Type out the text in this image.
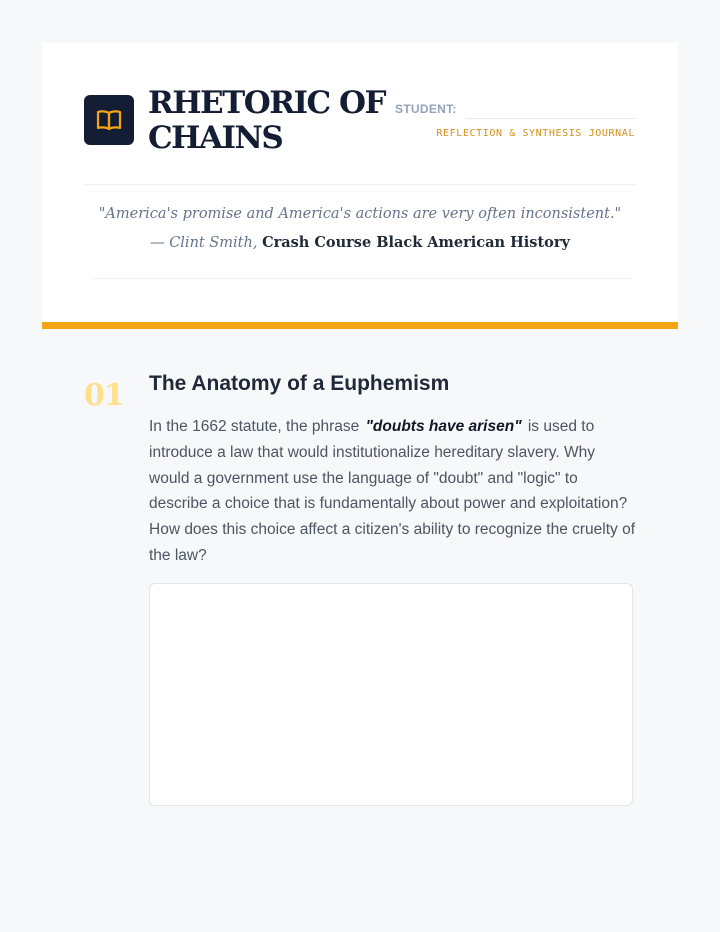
RHETORIC OF
CHAINS
STUDENT:
REFLECTION & SYNTHESIS JOURNAL
"America's promise and America's actions are very often inconsistent."
— Clint Smith, Crash Course Black American History
01 The Anatomy of a Euphemism

In the 1662 statute, the phrase "doubts have arisen" is used to introduce a law that would institutionalize hereditary slavery. Why would a government use the language of "doubt" and "logic" to describe a choice that is fundamentally about power and exploitation? How does this choice affect a citizen's ability to recognize the cruelty of the law?
